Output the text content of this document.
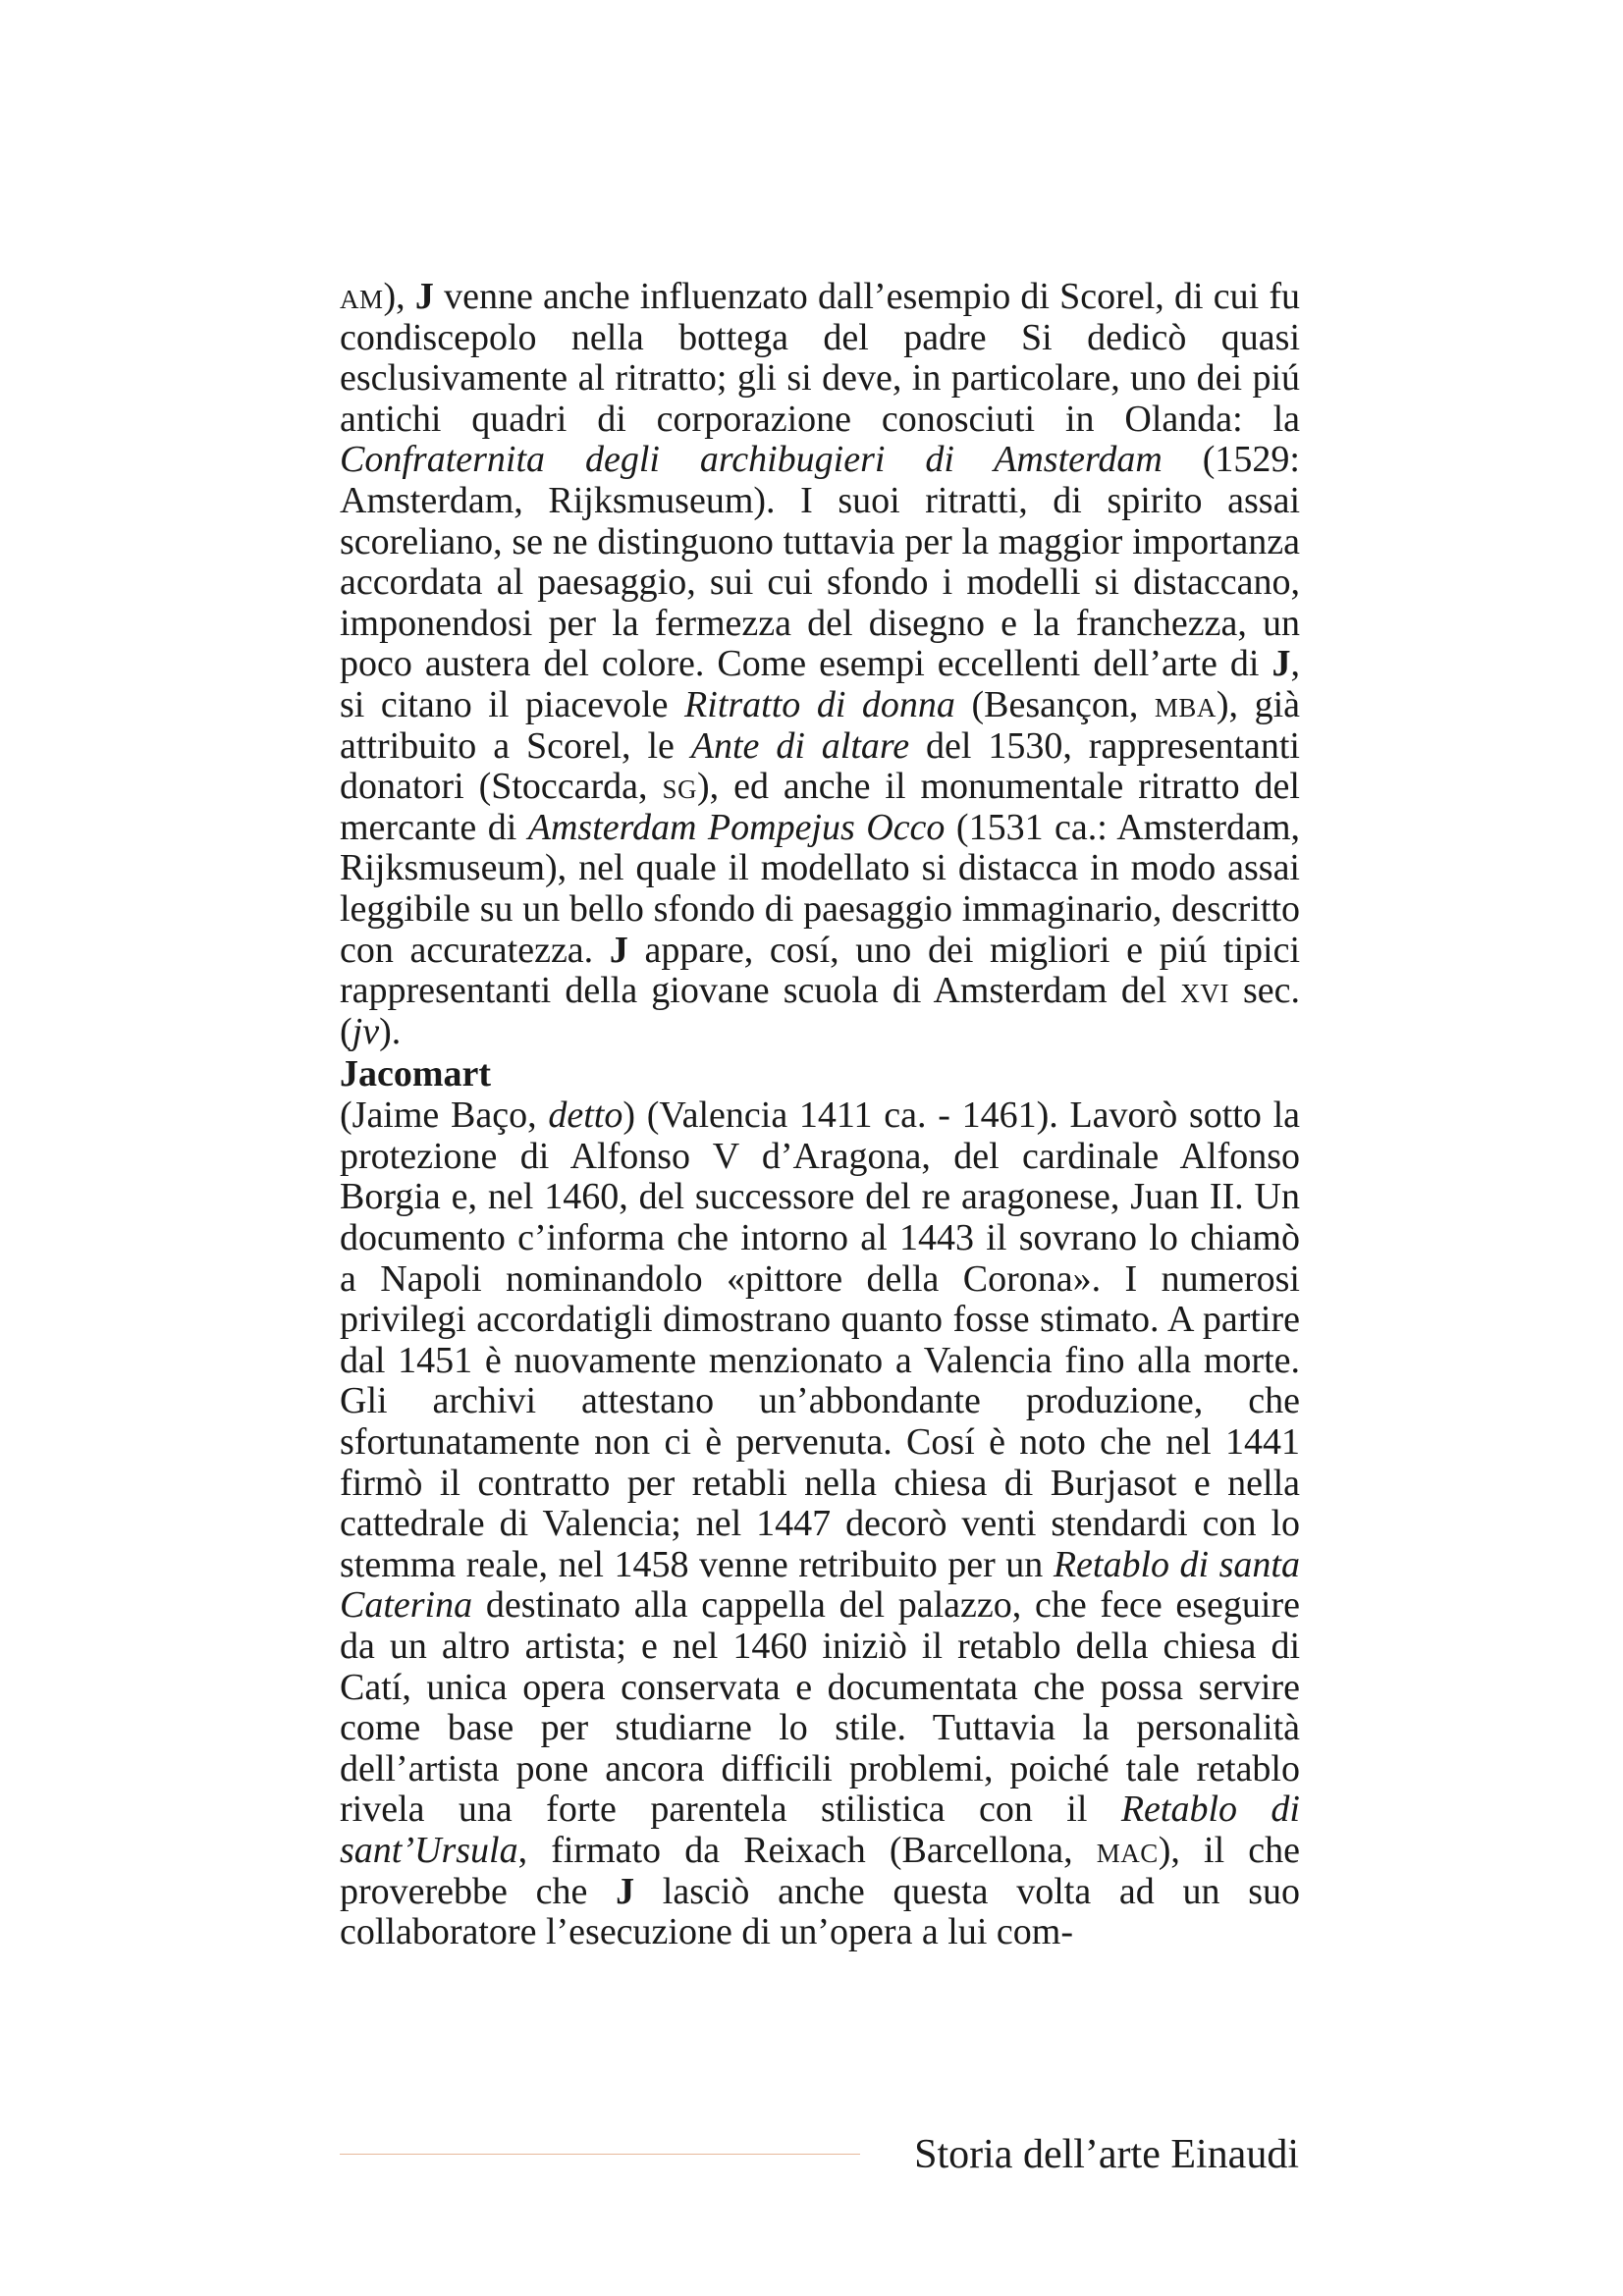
am), J venne anche influenzato dall’esempio di Scorel, di cui fu condiscepolo nella bottega del padre Si dedicò quasi esclusivamente al ritratto; gli si deve, in particolare, uno dei piú antichi quadri di corporazione conosciuti in Olanda: la Confraternita degli archibugieri di Amsterdam (1529: Amsterdam, Rijksmuseum). I suoi ritratti, di spirito assai scoreliano, se ne distinguono tuttavia per la maggior importanza accordata al paesaggio, sui cui sfondo i modelli si distaccano, imponendosi per la fermezza del disegno e la franchezza, un poco austera del colore. Come esempi eccellenti dell’arte di J, si citano il piacevole Ritratto di donna (Besançon, mba), già attribuito a Scorel, le Ante di altare del 1530, rappresentanti donatori (Stoccarda, sg), ed anche il monumentale ritratto del mercante di Amsterdam Pompejus Occo (1531 ca.: Amsterdam, Rijksmuseum), nel quale il modellato si distacca in modo assai leggibile su un bello sfondo di paesaggio immaginario, descritto con accuratezza. J appare, cosí, uno dei migliori e piú tipici rappresentanti della giovane scuola di Amsterdam del xvi sec. (jv).

Jacomart

(Jaime Baço, detto) (Valencia 1411 ca. - 1461). Lavorò sotto la protezione di Alfonso V d’Aragona, del cardinale Alfonso Borgia e, nel 1460, del successore del re aragonese, Juan II. Un documento c’informa che intorno al 1443 il sovrano lo chiamò a Napoli nominandolo «pittore della Corona». I numerosi privilegi accordatigli dimostrano quanto fosse stimato. A partire dal 1451 è nuovamente menzionato a Valencia fino alla morte. Gli archivi attestano un’abbondante produzione, che sfortunatamente non ci è pervenuta. Cosí è noto che nel 1441 firmò il contratto per retabli nella chiesa di Burjasot e nella cattedrale di Valencia; nel 1447 decorò venti stendardi con lo stemma reale, nel 1458 venne retribuito per un Retablo di santa Caterina destinato alla cappella del palazzo, che fece eseguire da un altro artista; e nel 1460 iniziò il retablo della chiesa di Catí, unica opera conservata e documentata che possa servire come base per studiarne lo stile. Tuttavia la personalità dell’artista pone ancora difficili problemi, poiché tale retablo rivela una forte parentela stilistica con il Retablo di sant’Ursula, firmato da Reixach (Barcellona, mac), il che proverebbe che J lasciò anche questa volta ad un suo collaboratore l’esecuzione di un’opera a lui com-

Storia dell’arte Einaudi
